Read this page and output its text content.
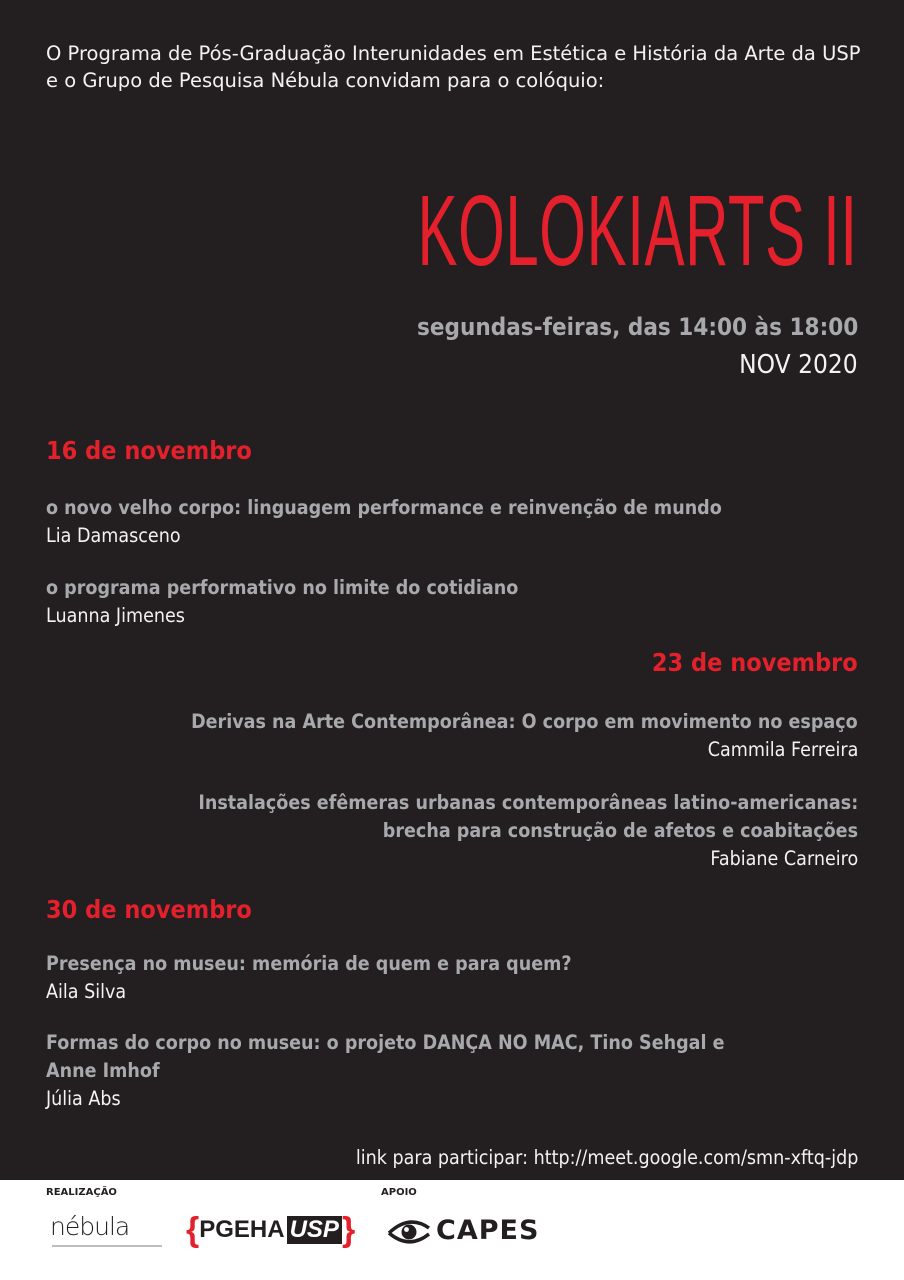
O Programa de Pós-Graduação Interunidades em Estética e História da Arte da USP
e o Grupo de Pesquisa Nébula convidam para o colóquio:

KOLOKIARTS II
segundas-feiras, das 14:00 às 18:00
NOV 2020
16 de novembro
o novo velho corpo: linguagem performance e reinvenção de mundo
Lia Damasceno
o programa performativo no limite do cotidiano
Luanna Jimenes
23 de novembro
Derivas na Arte Contemporânea: O corpo em movimento no espaço
Cammila Ferreira
Instalações efêmeras urbanas contemporâneas latino-americanas:
brecha para construção de afetos e coabitações
Fabiane Carneiro
30 de novembro
Presença no museu: memória de quem e para quem?
Aila Silva
Formas do corpo no museu: o projeto DANÇA NO MAC, Tino Sehgal e
Anne Imhof
Júlia Abs
link para participar: http://meet.google.com/smn-xftq-jdp
REALIZAÇÃO	APOIO
nébula { PGEHA USP }	CAPES
